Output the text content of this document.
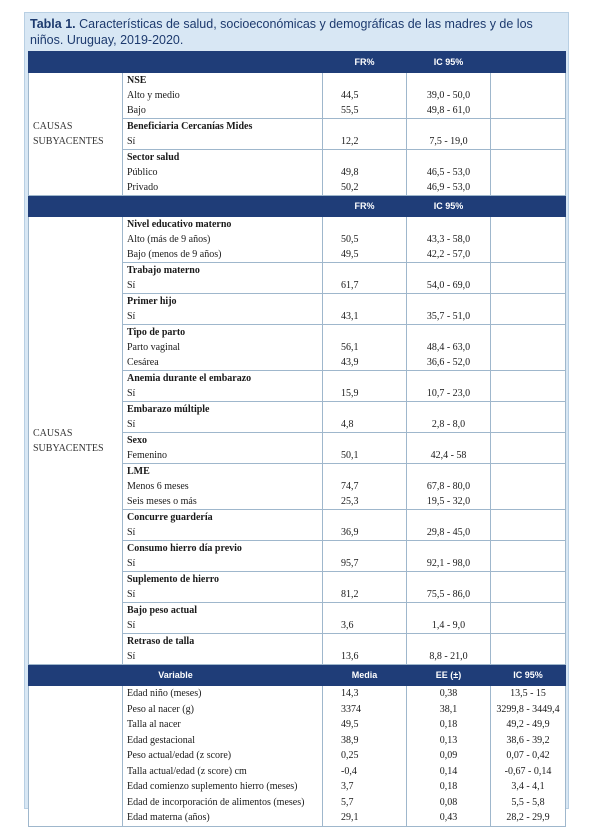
Tabla 1. Características de salud, socioeconómicas y demográficas de las madres y de los niños. Uruguay, 2019-2020.
		FR%	IC 95%	
CAUSAS SUBYACENTES	NSE			
	Alto y medio	44,5	39,0 - 50,0	
	Bajo	55,5	49,8 - 61,0	
	Beneficiaria Cercanías Mides			
	Sí	12,2	7,5 - 19,0	
	Sector salud			
	Público	49,8	46,5 - 53,0	
	Privado	50,2	46,9 - 53,0	
		FR%	IC 95%	
CAUSAS SUBYACENTES	Nivel educativo materno			
	Alto (más de 9 años)	50,5	43,3 - 58,0	
	Bajo (menos de 9 años)	49,5	42,2 - 57,0	
	Trabajo materno			
	Sí	61,7	54,0 - 69,0	
	Primer hijo			
	Sí	43,1	35,7 - 51,0	
	Tipo de parto			
	Parto vaginal	56,1	48,4 - 63,0	
	Cesárea	43,9	36,6 - 52,0	
	Anemia durante el embarazo			
	Sí	15,9	10,7 - 23,0	
	Embarazo múltiple			
	Sí	4,8	2,8 - 8,0	
	Sexo			
	Femenino	50,1	42,4 - 58	
	LME			
	Menos 6 meses	74,7	67,8 - 80,0	
	Seis meses o más	25,3	19,5 - 32,0	
	Concurre guardería			
	Sí	36,9	29,8 - 45,0	
	Consumo hierro día previo			
	Sí	95,7	92,1 - 98,0	
	Suplemento de hierro			
	Sí	81,2	75,5 - 86,0	
	Bajo peso actual			
	Sí	3,6	1,4 - 9,0	
	Retraso de talla			
	Sí	13,6	8,8 - 21,0	
Variable		Media	EE (±)	IC 95%
	Edad niño (meses)	14,3	0,38	13,5 - 15
	Peso al nacer (g)	3374	38,1	3299,8 - 3449,4
	Talla al nacer	49,5	0,18	49,2 - 49,9
	Edad gestacional	38,9	0,13	38,6 - 39,2
	Peso actual/edad (z score)	0,25	0,09	0,07 - 0,42
	Talla actual/edad (z score) cm	-0,4	0,14	-0,67 - 0,14
	Edad comienzo suplemento hierro (meses)	3,7	0,18	3,4 - 4,1
	Edad de incorporación de alimentos (meses)	5,7	0,08	5,5 - 5,8
	Edad materna (años)	29,1	0,43	28,2 - 29,9
